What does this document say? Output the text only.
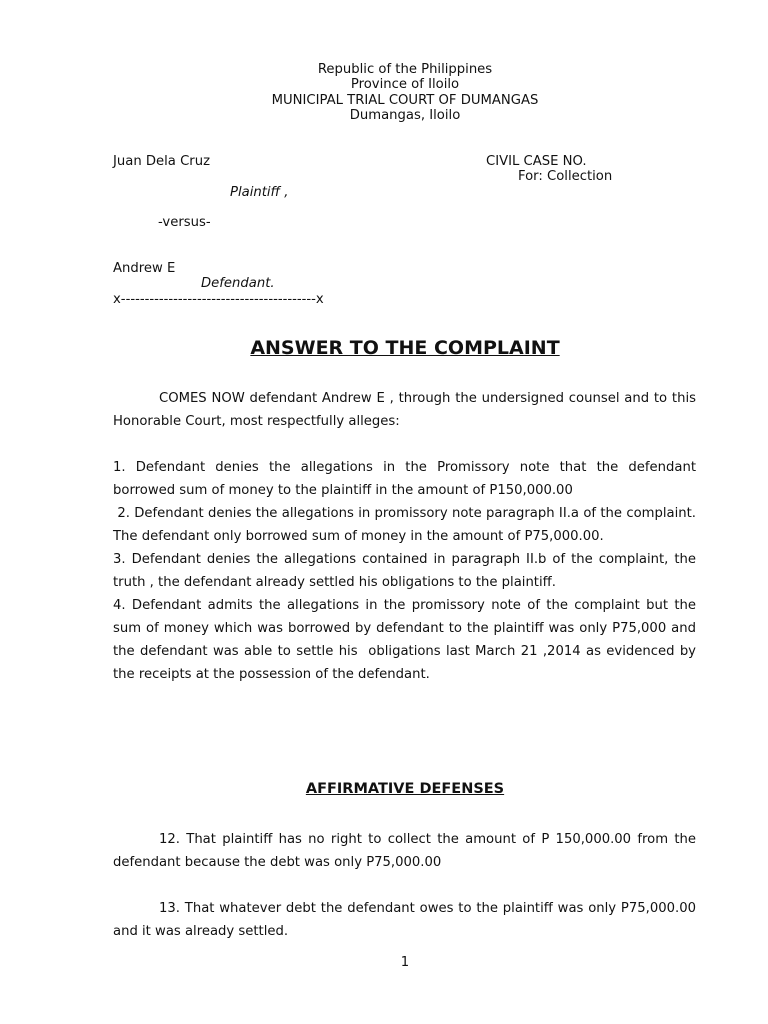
Republic of the Philippines
Province of Iloilo
MUNICIPAL TRIAL COURT OF DUMANGAS
Dumangas, Iloilo
Juan Dela Cruz
Plaintiff ,
-versus-
Andrew E
Defendant.
x-----------------------------------------x
CIVIL CASE NO.
For: Collection
ANSWER TO THE COMPLAINT
COMES NOW defendant Andrew E , through the undersigned counsel and to this Honorable Court, most respectfully alleges:
1. Defendant denies the allegations in the Promissory note that the defendant borrowed sum of money to the plaintiff in the amount of P150,000.00
2. Defendant denies the allegations in promissory note paragraph II.a of the complaint. The defendant only borrowed sum of money in the amount of P75,000.00.
3. Defendant denies the allegations contained in paragraph II.b of the complaint, the truth , the defendant already settled his obligations to the plaintiff.
4. Defendant admits the allegations in the promissory note of the complaint but the sum of money which was borrowed by defendant to the plaintiff was only P75,000 and the defendant was able to settle his  obligations last March 21 ,2014 as evidenced by the receipts at the possession of the defendant.
AFFIRMATIVE DEFENSES
12. That plaintiff has no right to collect the amount of P 150,000.00 from the defendant because the debt was only P75,000.00
13. That whatever debt the defendant owes to the plaintiff was only P75,000.00 and it was already settled.
1
